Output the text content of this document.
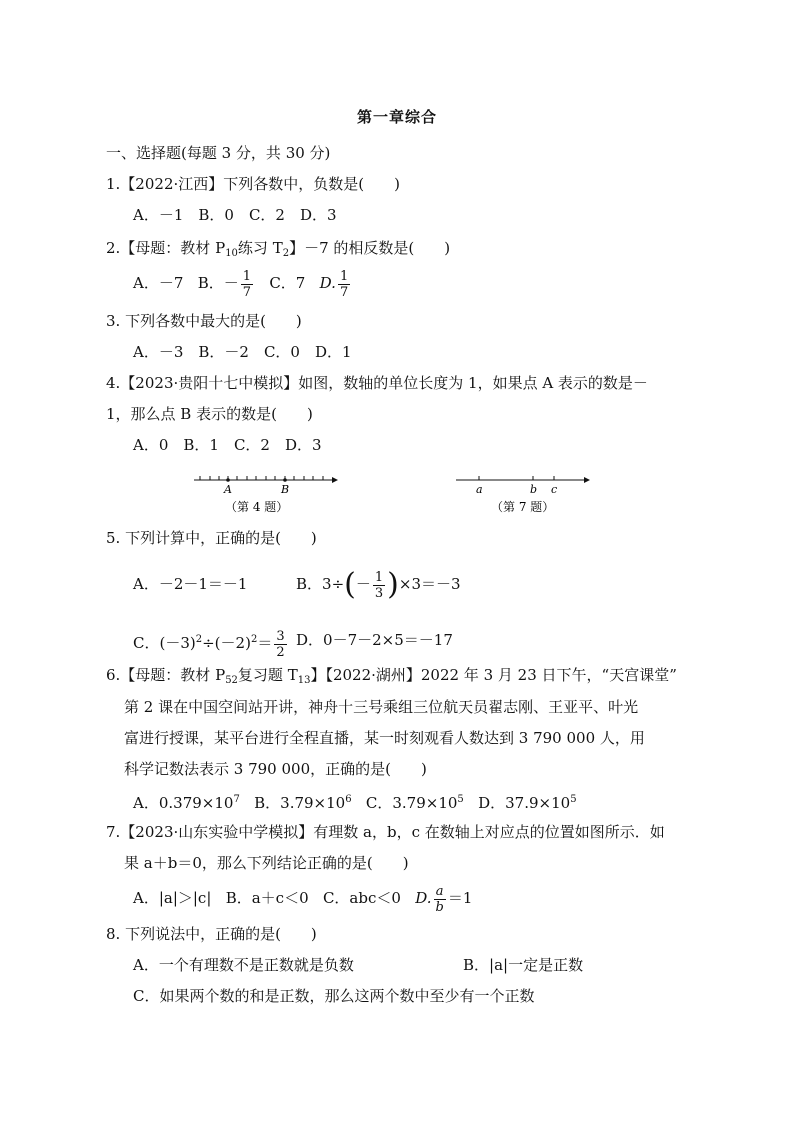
第一章综合
一、选择题(每题 3 分，共 30 分)
1.【2022·江西】下列各数中，负数是(　　)
A．－1　B．0　C．2　D．3
2.【母题：教材 $P_{10}$练习 $T_2$】－7 的相反数是(　　)
A．－7 B．－ $\frac{1}{7}$ C．7 D. $\frac{1}{7}$
3. 下列各数中最大的是(　　)
A．－3　B．－2　C．0　D．1
4.【2023·贵阳十七中模拟】如图，数轴的单位长度为 1，如果点 A 表示的数是－
1，那么点 B 表示的数是(　　)
A．0　B．1　C．2　D．3
A	B
（第 4 题）
a	b c
（第 7 题）
5. 下列计算中，正确的是(　　)
A．－2－1＝－1	B．$3\div(- \frac{1}{3} )\times 3=-3$
C．$(-3)^2\div(-2)^2= \frac{3}{2}$ D．0－7－2×5＝－17
6.【母题：教材 $P_{52}$复习题 $T_{13}$】【2022·湖州】2022 年 3 月 23 日下午，“天宫课堂”
第 2 课在中国空间站开讲，神舟十三号乘组三位航天员翟志刚、王亚平、叶光
富进行授课，某平台进行全程直播，某一时刻观看人数达到 3 790 000 人，用
科学记数法表示 3 790 000，正确的是(　　)
A．$0.379\times 10^7$ B．$3.79\times 10^6$ C．$3.79\times 10^5$ D．$37.9\times 10^5$
7.【2023·山东实验中学模拟】有理数 a，b，c 在数轴上对应点的位置如图所示．如
果 a＋b＝0，那么下列结论正确的是(　　)
A．|a|＞|c| B．a＋c＜0 C．abc＜0 D. $\frac{a}{b} =1$
8. 下列说法中，正确的是(　　)
A．一个有理数不是正数就是负数	B．|a|一定是正数
C．如果两个数的和是正数，那么这两个数中至少有一个正数
